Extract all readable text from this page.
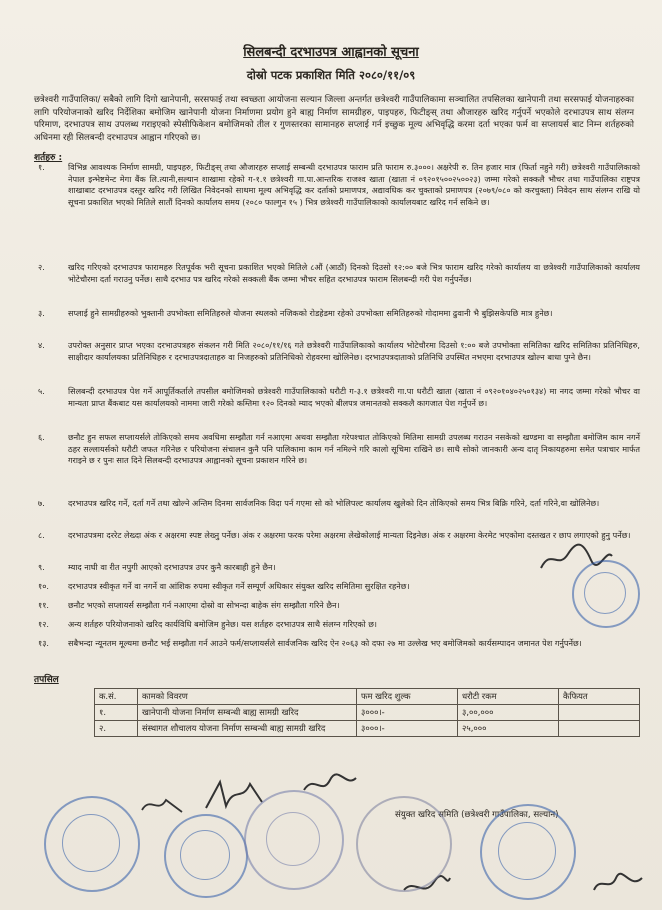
सिलबन्दी दरभाउपत्र आह्वानको सूचना
दोस्रो पटक प्रकाशित मिति २०८०/११/०९
छत्रेश्वरी गाउँपालिका/ सबैको लागि दिगो खानेपानी, सरसफाई तथा स्वच्छता आयोजना सल्यान जिल्ला अन्तर्गत छत्रेश्वरी गाउँपालिकामा सञ्चालित तपसिलका खानेपानी तथा सरसफाई योजनाहरुका लागि परियोजनाको खरिद निर्देशिका बमोजिम खानेपानी योजना निर्माणमा प्रयोग हुने बाह्य निर्माण सामग्रीहरु, पाइपहरु, फिटीङ्स् तथा औजारहरु खरिद गर्नुपर्ने भएकोले दरभाउपत्र साथ संलग्न परिमाण, दरभाउपत्र साथ उपलब्ध गराइएको स्पेसीफिकेशन बमोजिमको तील र गुणस्तरका सामानहरु सप्लाई गर्न इच्छुक मूल्य अभिवृद्धि करमा दर्ता भएका फर्म वा सप्लायर्स बाट निम्न शर्तहरुको अधिनमा रही सिलबन्दी दरभाउपत्र आह्वान गरिएको छ।
शर्तहरु :
१.	विभिन्न आवश्यक निर्माण सामग्री, पाइपहरु, फिटीङ्स् तथा औजारहरु सप्लाई सम्बन्धी दरभाउपत्र फाराम प्रति फाराम रु.३०००। अक्षरेपी रु. तिन हजार मात्र (फिर्ता नहुने गरी) छत्रेश्वरी गाउँपालिकाको नेपाल इन्भेष्टमेन्ट मेगा बैंक लि.त्यानी,सल्यान शाखामा रहेको ग-१.१ छत्रेश्वरी गा.पा.आन्तरिक राजश्व खाता (खाता नं ०९२०१५००२५००२३) जम्मा गरेको सक्कलै भौचर तथा गाउँपालिका राष्ट्रपत्र शाखाबाट दरभाउपत्र दस्तुर खरिद गरी लिखित निवेदनको साथमा मूल्य अभिवृद्धि कर दर्ताको प्रमाणपत्र, अद्यावधिक कर चुक्ताको प्रमाणपत्र (२०७९/०८० को करचुक्ता) निवेदन साथ संलग्न राखि यो सूचना प्रकाशित भएको मितिले सातौं दिनको कार्यालय समय (२०८० फाल्गुन १५ ) भित्र छत्रेश्वरी गाउँपालिकाको कार्यालयबाट खरिद गर्न सकिने छ।
२.	खरिद गरिएको दरभाउपत्र फारामहरु रितपूर्वक भरी सूचना प्रकाशित भएको मितिले ८औं (आठौं) दिनको दिउसो १२:०० बजे भित्र फाराम खरिद गरेको कार्यालय वा छत्रेश्वरी गाउँपालिकाको कार्यालय भोटेचौरमा दर्ता गराउनु पर्नेछ। साथै दरभाउ पत्र खरिद गरेको सक्कली बैंक जम्मा भौचर सहित दरभाउपत्र फाराम सिलबन्दी गरी पेश गर्नुपर्नेछ।
३.	सप्लाई हुने सामग्रीहरुको भुक्तानी उपभोक्ता समितिहरुले योजना स्थलको नजिकको रोडहेडमा रहेको उपभोक्ता समितिहरुको गोदाममा ढुवानी भै बुझिसकेपछि मात्र हुनेछ।
४.	उपरोक्त अनुसार प्राप्त भएका दरभाउपत्रहरु संकलन गरी मिति २०८०/११/१६ गते छत्रेश्वरी गाउँपालिकाको कार्यालय भोटेचौरमा दिउसो १:०० बजे उपभोक्ता समितिका खरिद समितिका प्रतिनिधिहरु, साक्षीदार कार्यालयका प्रतिनिधिहरु र दरभाउपत्रदाताहरु वा निजहरुको प्रतिनिधिको रोहवरमा खोलिनेछ। दरभाउपत्रदाताको प्रतिनिधि उपस्थित नभएमा दरभाउपत्र खोल्न बाधा पुग्ने छैन।
५.	सिलबन्दी दरभाउपत्र पेश गर्ने आपूर्तिकर्ताले तपसील बमोजिमको छत्रेश्वरी गाउँपालिकाको धरौटी ग-३.१ छत्रेश्वरी गा.पा धरौटी खाता (खाता नं ०९२०१०४०२५०१३४) मा नगद जम्मा गरेको भौचर वा मान्यता प्राप्त बैंकबाट यस कार्यालयको नाममा जारी गरेको कम्तिमा १२० दिनको म्याद भएको बीलपत्र जमानतको सक्कलै कागजात पेश गर्नुपर्ने छ।
६.	छनौट हुन सफल सप्लायर्सले तोकिएको समय अवधिमा सम्झौता गर्न नआएमा अथवा सम्झौता गरेपश्चात तोकिएको मितिमा सामग्री उपलब्ध गराउन नसकेको खण्डमा वा सम्झौता बमोजिम काम नगर्ने ठहर सल्लायर्सको धरौटी जफत गरिनेछ र परियोजना संचालन कुनै पनि पालिकामा काम गर्न नमिल्ने गरि कालो सूचिमा राखिने छ। साथै सोको जानकारी अन्य दातृ निकायहरुमा समेत पत्राचार मार्फत गराइने छ र पुनः सात दिने सिलबन्दी दरभाउपत्र आह्वानको सूचना प्रकाशन गरिने छ।
७.	दरभाउपत्र खरिद गर्ने, दर्ता गर्ने तथा खोल्ने अन्तिम दिनमा सार्वजनिक विदा पर्न गएमा सो को भोलिपल्ट कार्यालय खुलेको दिन तोकिएको समय भित्र बिक्रि गरिने, दर्ता गरिने,वा खोलिनेछ।
८.	दरभाउपत्रमा दररेट लेख्दा अंक र अक्षरमा स्पष्ट लेख्नु पर्नेछ। अंक र अक्षरमा फरक परेमा अक्षरमा लेखेकोलाई मान्यता दिइनेछ। अंक र अक्षरमा केरमेट भएकोमा दस्तखत र छाप लगाएको हुनु पर्नेछ।
९.	म्याद नाघी वा रीत नपुगी आएको दरभाउपत्र उपर कुनै कारबाही हुने छैन।
१०.	दरभाउपत्र स्वीकृत गर्ने वा नगर्ने वा आंशिक रुपमा स्वीकृत गर्ने सम्पूर्ण अधिकार संयुक्त खरिद समितिमा सुरक्षित रहनेछ।
११.	छनौट भएको सप्लायर्स सम्झौता गर्न नआएमा दोस्रो वा सोभन्दा बाहेक संग सम्झौता गरिने छैन।
१२.	अन्य शर्तहरु परियोजनाको खरिद कार्यविधि बमोजिम हुनेछ। यस शर्तहरु दरभाउपत्र साथै संलग्न गरिएको छ।
१३.	सबैभन्दा न्यूनतम मूल्यमा छनौट भई सम्झौता गर्न आउने फर्म/सप्लायर्सले सार्वजनिक खरिद ऐन २०६३ को दफा २७ मा उल्लेख भए बमोजिमको कार्यसम्पादन जमानत पेश गर्नुपर्नेछ।
तपसिल
क.सं.	कामको विवरण	फम खरिद शुल्क	धरौटी रकम	कैफियत
१.	खानेपानी योजना निर्माण सम्बन्धी बाह्य सामग्री खरिद	३०००।-	३,००,०००	
२.	संस्थागत शौचालय योजना निर्माण सम्बन्धी बाह्य सामग्री खरिद	३०००।-	२५,०००	
संयुक्त खरिद समिति (छत्रेश्वरी गाउँपालिका, सल्यान)
